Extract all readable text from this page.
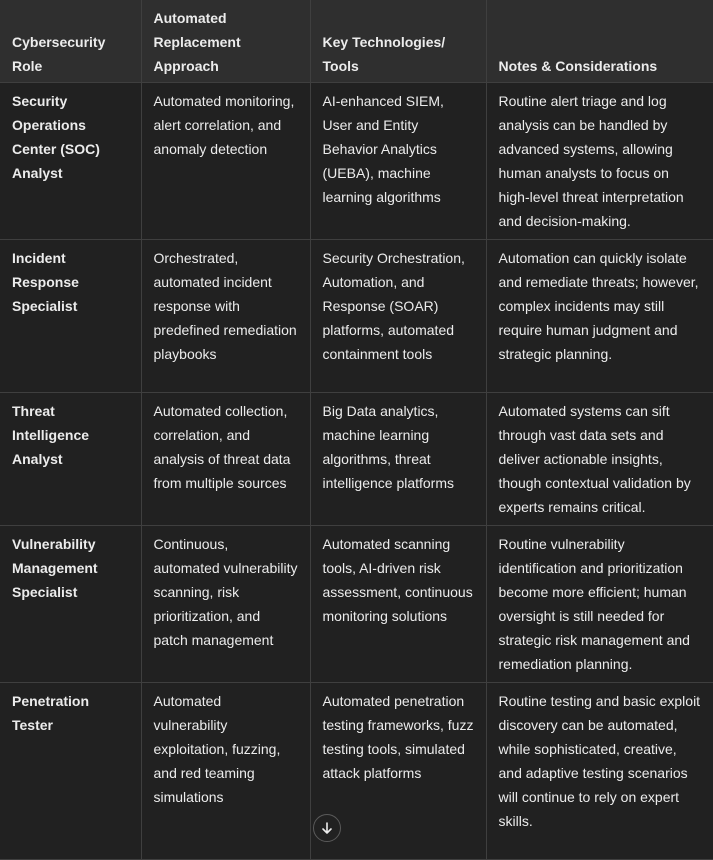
Cybersecurity Role	Automated Replacement Approach	Key Technologies/ Tools	Notes & Considerations
Security Operations Center (SOC) Analyst	Automated monitoring, alert correlation, and anomaly detection	AI-enhanced SIEM, User and Entity Behavior Analytics (UEBA), machine learning algorithms	Routine alert triage and log analysis can be handled by advanced systems, allowing human analysts to focus on high-level threat interpretation and decision-making.
Incident Response Specialist	Orchestrated, automated incident response with predefined remediation playbooks	Security Orchestration, Automation, and Response (SOAR) platforms, automated containment tools	Automation can quickly isolate and remediate threats; however, complex incidents may still require human judgment and strategic planning.
Threat Intelligence Analyst	Automated collection, correlation, and analysis of threat data from multiple sources	Big Data analytics, machine learning algorithms, threat intelligence platforms	Automated systems can sift through vast data sets and deliver actionable insights, though contextual validation by experts remains critical.
Vulnerability Management Specialist	Continuous, automated vulnerability scanning, risk prioritization, and patch management	Automated scanning tools, AI-driven risk assessment, continuous monitoring solutions	Routine vulnerability identification and prioritization become more efficient; human oversight is still needed for strategic risk management and remediation planning.
Penetration Tester	Automated vulnerability exploitation, fuzzing, and red teaming simulations	Automated penetration testing frameworks, fuzz testing tools, simulated attack platforms	Routine testing and basic exploit discovery can be automated, while sophisticated, creative, and adaptive testing scenarios will continue to rely on expert skills.
